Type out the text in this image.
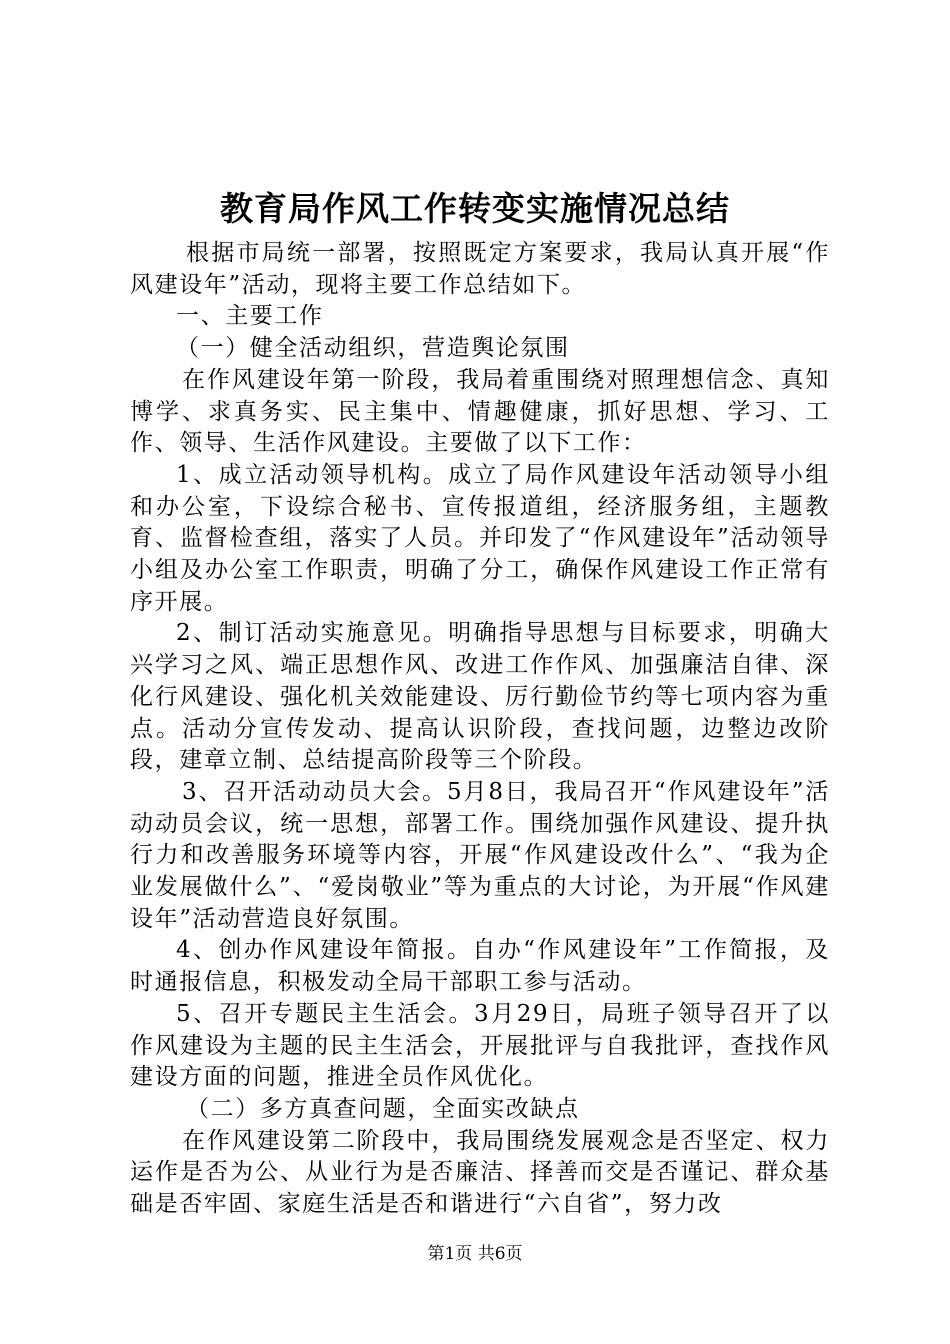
教育局作风工作转变实施情况总结

根据市局统一部署，按照既定方案要求，我局认真开展“作风建设年”活动，现将主要工作总结如下。

一、主要工作

（一）健全活动组织，营造舆论氛围

在作风建设年第一阶段，我局着重围绕对照理想信念、真知博学、求真务实、民主集中、情趣健康，抓好思想、学习、工作、领导、生活作风建设。主要做了以下工作：

1、成立活动领导机构。成立了局作风建设年活动领导小组和办公室，下设综合秘书、宣传报道组，经济服务组，主题教育、监督检查组，落实了人员。并印发了“作风建设年”活动领导小组及办公室工作职责，明确了分工，确保作风建设工作正常有序开展。

2、制订活动实施意见。明确指导思想与目标要求，明确大兴学习之风、端正思想作风、改进工作作风、加强廉洁自律、深化行风建设、强化机关效能建设、厉行勤俭节约等七项内容为重点。活动分宣传发动、提高认识阶段，查找问题，边整边改阶段，建章立制、总结提高阶段等三个阶段。

3、召开活动动员大会。5月8日，我局召开“作风建设年”活动动员会议，统一思想，部署工作。围绕加强作风建设、提升执行力和改善服务环境等内容，开展“作风建设改什么”、“我为企业发展做什么”、“爱岗敬业”等为重点的大讨论，为开展“作风建设年”活动营造良好氛围。

4、创办作风建设年简报。自办“作风建设年”工作简报，及时通报信息，积极发动全局干部职工参与活动。

5、召开专题民主生活会。3月29日，局班子领导召开了以作风建设为主题的民主生活会，开展批评与自我批评，查找作风建设方面的问题，推进全员作风优化。

（二）多方真查问题，全面实改缺点

在作风建设第二阶段中，我局围绕发展观念是否坚定、权力运作是否为公、从业行为是否廉洁、择善而交是否谨记、群众基础是否牢固、家庭生活是否和谐进行“六自省”，努力改

第1页 共6页
